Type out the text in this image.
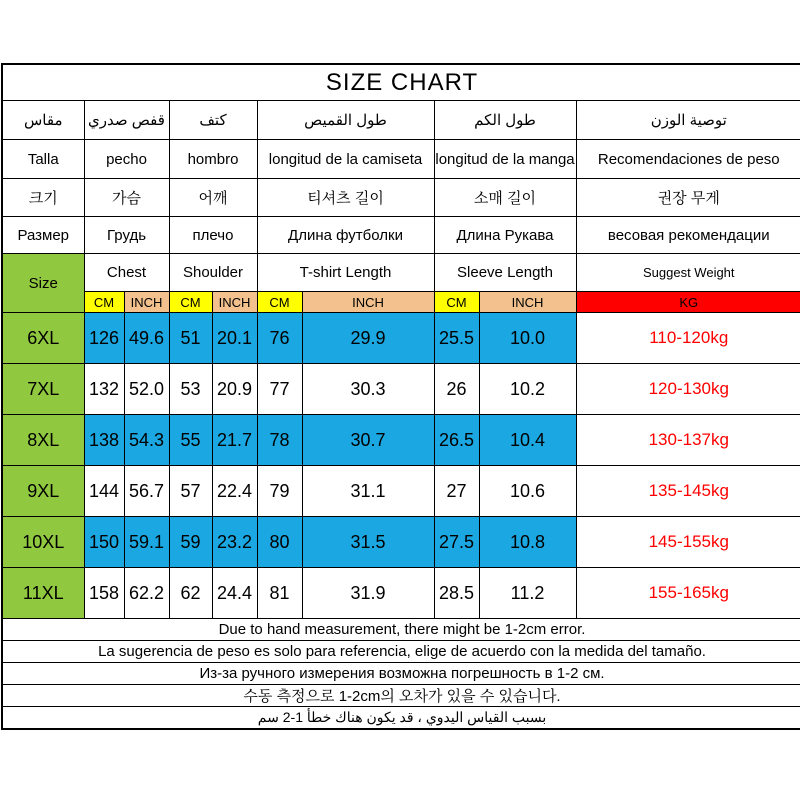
SIZE CHART									
مقاس	قفص صدري		كتف		طول القميص		طول الكم		توصية الوزن
Talla	pecho		hombro		longitud de la camiseta		longitud de la manga		Recomendaciones de peso
크기	가슴		어깨		티셔츠 길이		소매 길이		권장 무게
Размер	Грудь		плечо		Длина футболки		Длина Рукава		весовая рекомендации
Size	Chest		Shoulder		T-shirt Length		Sleeve Length		Suggest Weight
	CM	INCH	CM	INCH	CM	INCH	CM	INCH	KG
6XL	126	49.6	51	20.1	76	29.9	25.5	10.0	110-120kg
7XL	132	52.0	53	20.9	77	30.3	26	10.2	120-130kg
8XL	138	54.3	55	21.7	78	30.7	26.5	10.4	130-137kg
9XL	144	56.7	57	22.4	79	31.1	27	10.6	135-145kg
10XL	150	59.1	59	23.2	80	31.5	27.5	10.8	145-155kg
11XL	158	62.2	62	24.4	81	31.9	28.5	11.2	155-165kg
Due to hand measurement, there might be 1-2cm error.									
La sugerencia de peso es solo para referencia, elige de acuerdo con la medida del tamaño.									
Из-за ручного измерения возможна погрешность в 1-2 см.									
수동 측정으로 1-2cm의 오차가 있을 수 있습니다.									
بسبب القياس اليدوي ، قد يكون هناك خطأ 1-2 سم									
